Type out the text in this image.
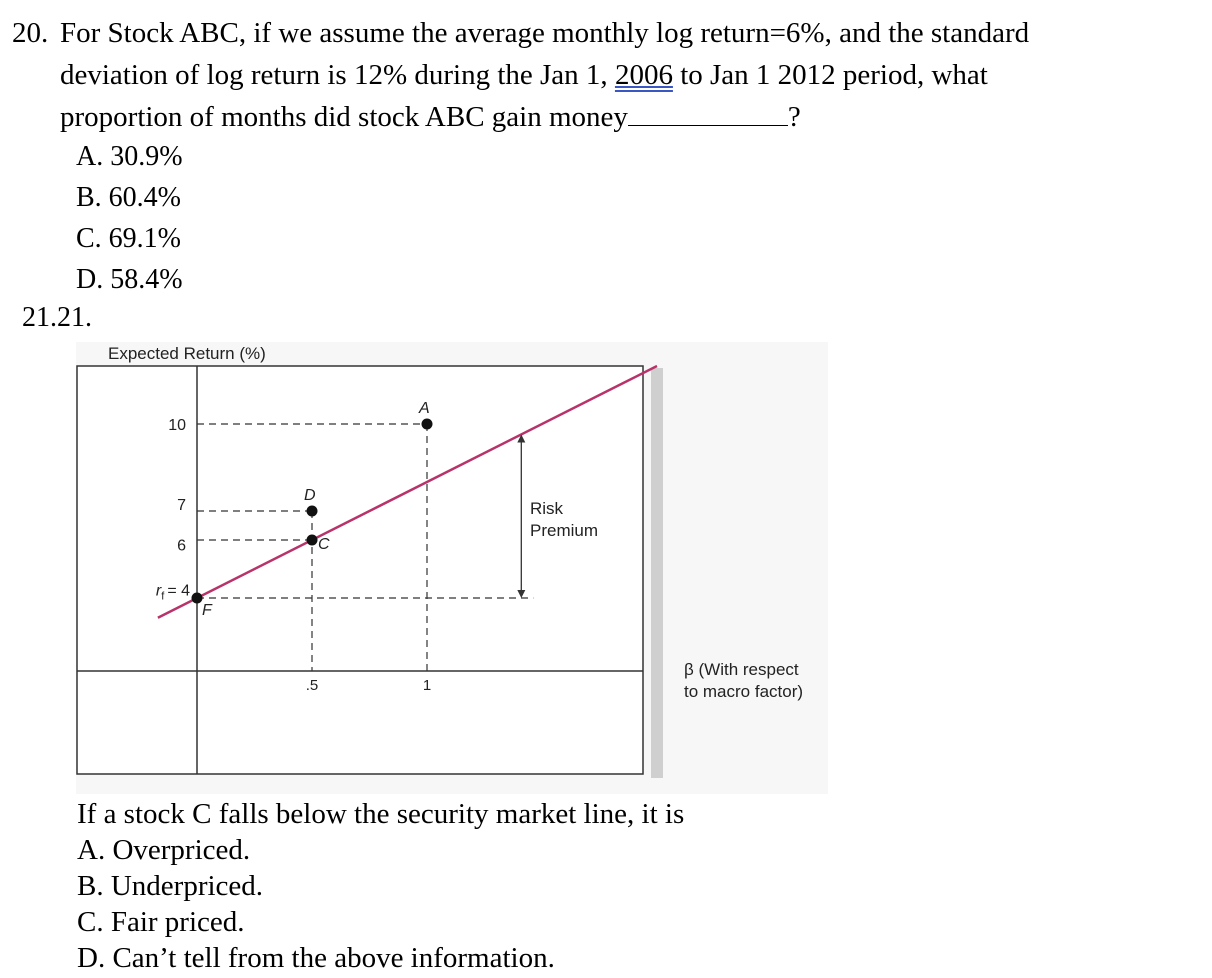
20. For Stock ABC, if we assume the average monthly log return=6%, and the standard
deviation of log return is 12% during the Jan 1, 2006 to Jan 1 2012 period, what
proportion of months did stock ABC gain money	?
A. 30.9%
B. 60.4%
C. 69.1%
D. 58.4%
21.21.
Expected Return (%)
Risk
Premium
10
7
6
$r_f = 4$
.5	1
F
D
C
A
β (With respect
to macro factor)
If a stock C falls below the security market line, it is
A. Overpriced.
B. Underpriced.
C. Fair priced.
D. Can’t tell from the above information.
